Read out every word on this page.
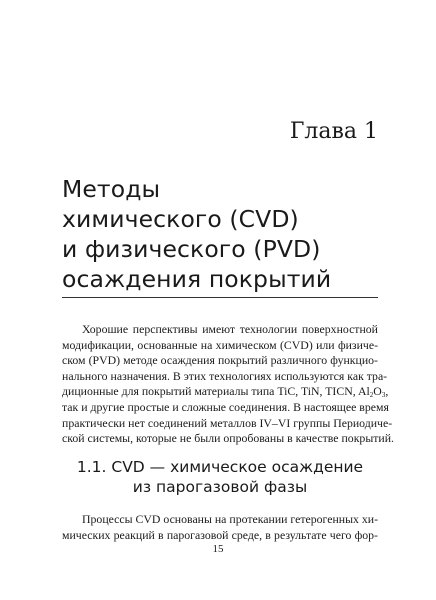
Глава 1
Методы
химического (CVD)
и физического (PVD)
осаждения покрытий
Хорошие перспективы имеют технологии поверхностной
модификации, основанные на химическом (CVD) или физиче-
ском (PVD) методе осаждения покрытий различного функцио-
нального назначения. В этих технологиях используются как тра-
диционные для покрытий материалы типа TiC, TiN, TICN, $Al_2O_3$,
так и другие простые и сложные соединения. В настоящее время
практически нет соединений металлов IV–VI группы Периодиче-
ской системы, которые не были опробованы в качестве покрытий.
1.1. CVD — химическое осаждение
из парогазовой фазы
Процессы CVD основаны на протекании гетерогенных хи-
мических реакций в парогазовой среде, в результате чего фор-
15
